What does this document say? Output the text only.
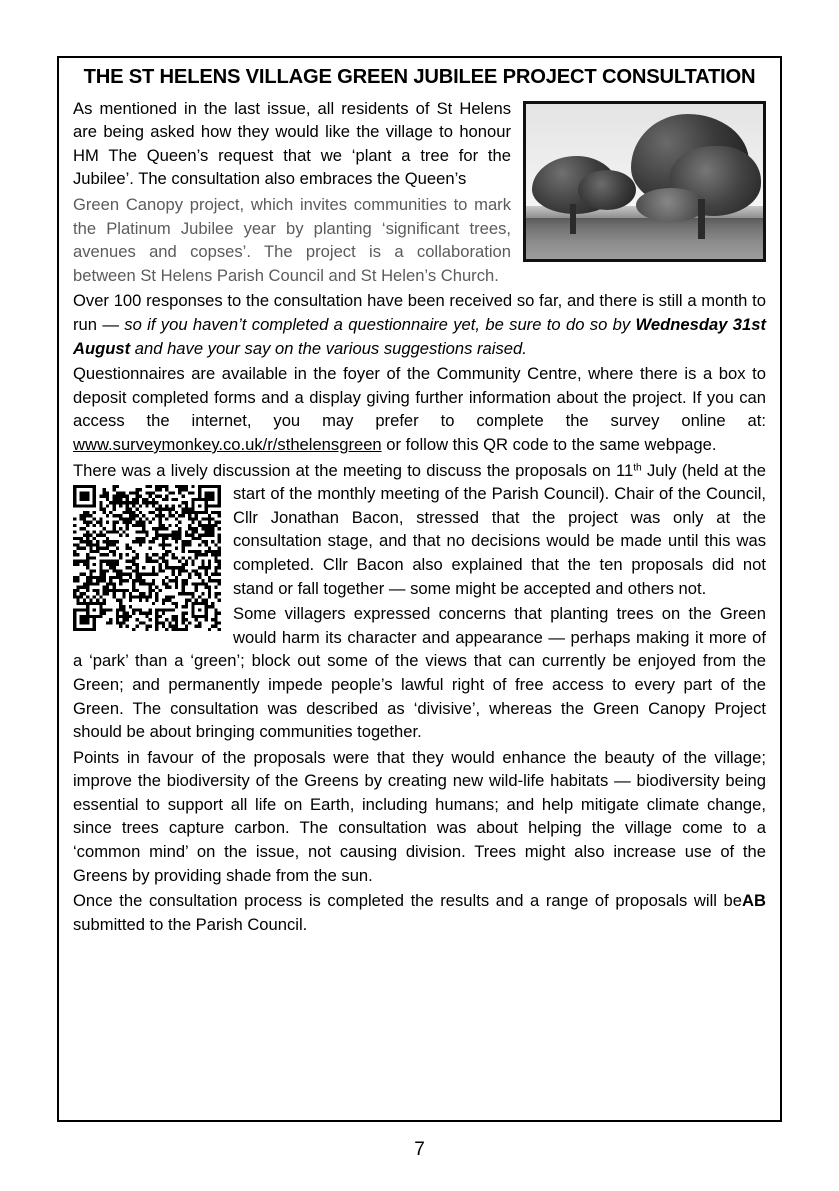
THE ST HELENS VILLAGE GREEN JUBILEE PROJECT CONSULTATION

As mentioned in the last issue, all residents of St Helens are being asked how they would like the village to honour HM The Queen’s request that we ‘plant a tree for the Jubilee’. The consultation also embraces the Queen’s

Green Canopy project, which invites communities to mark the Platinum Jubilee year by planting ‘significant trees, avenues and copses’. The project is a collaboration between St Helens Parish Council and St Helen’s Church.

Over 100 responses to the consultation have been received so far, and there is still a month to run — so if you haven’t completed a questionnaire yet, be sure to do so by Wednesday 31st August and have your say on the various suggestions raised.

Questionnaires are available in the foyer of the Community Centre, where there is a box to deposit completed forms and a display giving further information about the project. If you can access the internet, you may prefer to complete the survey online at: www.surveymonkey.co.uk/r/sthelensgreen or follow this QR code to the same webpage.

There was a lively discussion at the meeting to discuss the proposals on 11th
July (held at the start of the monthly meeting of the Parish Council). Chair of the Council, Cllr Jonathan Bacon, stressed that the project was only at the consultation stage, and that no decisions would be made until this was completed. Cllr Bacon also explained that the ten proposals did not stand or fall together — some might be accepted and others not.

Some villagers expressed concerns that planting trees on the Green would harm its character and appearance — perhaps making it more of a ‘park’ than a ‘green’; block out some of the views that can currently be enjoyed from the Green; and permanently impede people’s lawful right of free access to every part of the Green. The consultation was described as ‘divisive’, whereas the Green Canopy Project should be about bringing communities together.

Points in favour of the proposals were that they would enhance the beauty of the village; improve the biodiversity of the Greens by creating new wild-life habitats — biodiversity being essential to support all life on Earth, including humans; and help mitigate climate change, since trees capture carbon. The consultation was about helping the village come to a ‘common mind’ on the issue, not causing division. Trees might also increase use of the Greens by providing shade from the sun.

AB
Once the consultation process is completed the results and a range of proposals will be submitted to the Parish Council.

7
